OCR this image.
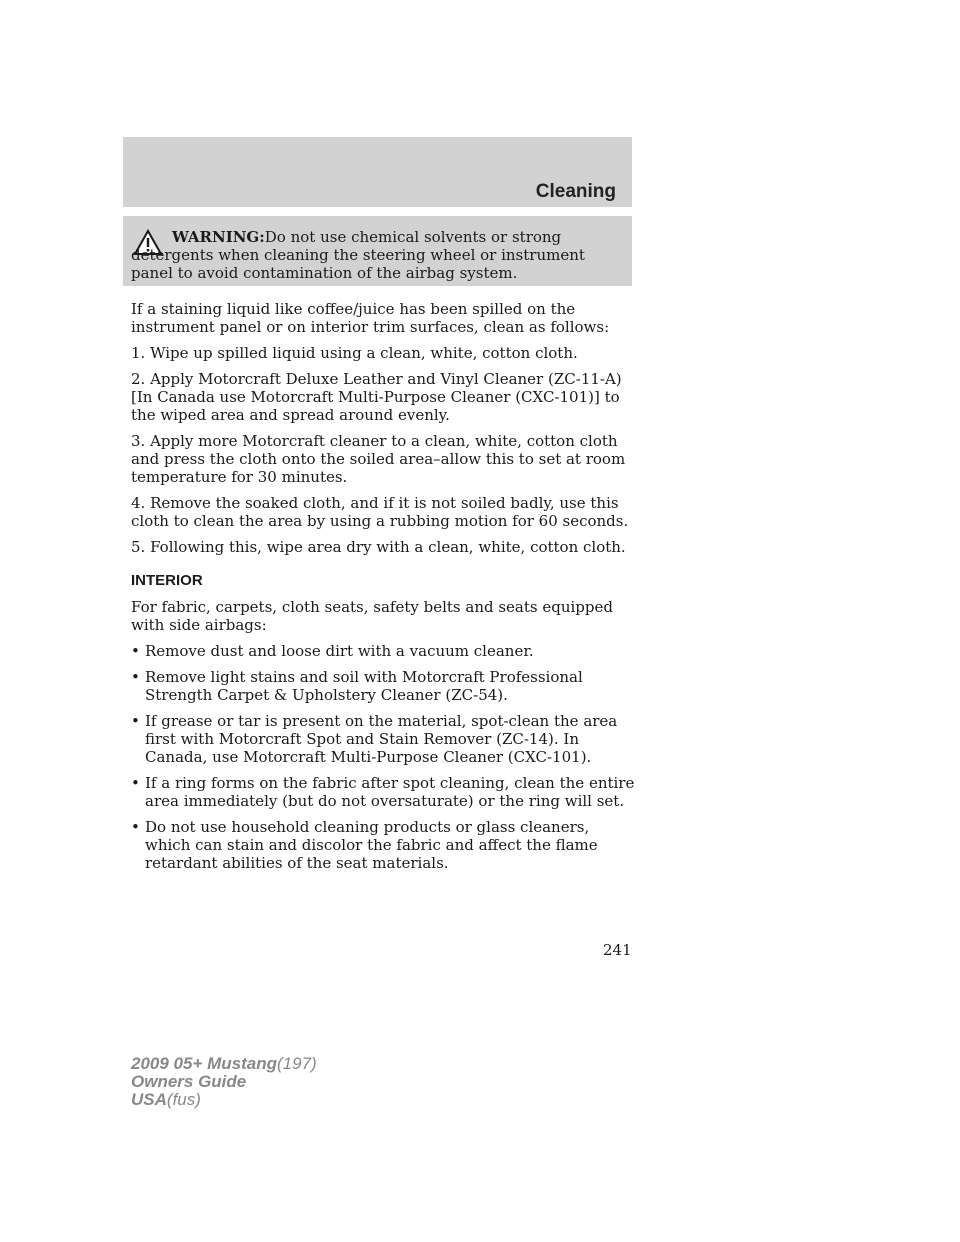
Cleaning
WARNING:Do not use chemical solvents or strong detergents when cleaning the steering wheel or instrument panel to avoid contamination of the airbag system.

If a staining liquid like coffee/juice has been spilled on the instrument panel or on interior trim surfaces, clean as follows:

1. Wipe up spilled liquid using a clean, white, cotton cloth.

2. Apply Motorcraft Deluxe Leather and Vinyl Cleaner (ZC-11-A) [In Canada use Motorcraft Multi-Purpose Cleaner (CXC-101)] to the wiped area and spread around evenly.

3. Apply more Motorcraft cleaner to a clean, white, cotton cloth and press the cloth onto the soiled area–allow this to set at room temperature for 30 minutes.

4. Remove the soaked cloth, and if it is not soiled badly, use this cloth to clean the area by using a rubbing motion for 60 seconds.

5. Following this, wipe area dry with a clean, white, cotton cloth.

INTERIOR

For fabric, carpets, cloth seats, safety belts and seats equipped with side airbags:

• Remove dust and loose dirt with a vacuum cleaner.
• Remove light stains and soil with Motorcraft Professional Strength Carpet & Upholstery Cleaner (ZC-54).
• If grease or tar is present on the material, spot-clean the area first with Motorcraft Spot and Stain Remover (ZC-14). In Canada, use Motorcraft Multi-Purpose Cleaner (CXC-101).
• If a ring forms on the fabric after spot cleaning, clean the entire area immediately (but do not oversaturate) or the ring will set.
• Do not use household cleaning products or glass cleaners, which can stain and discolor the fabric and affect the flame retardant abilities of the seat materials.
241
2009 05+ Mustang(197)
Owners Guide
USA(fus)
